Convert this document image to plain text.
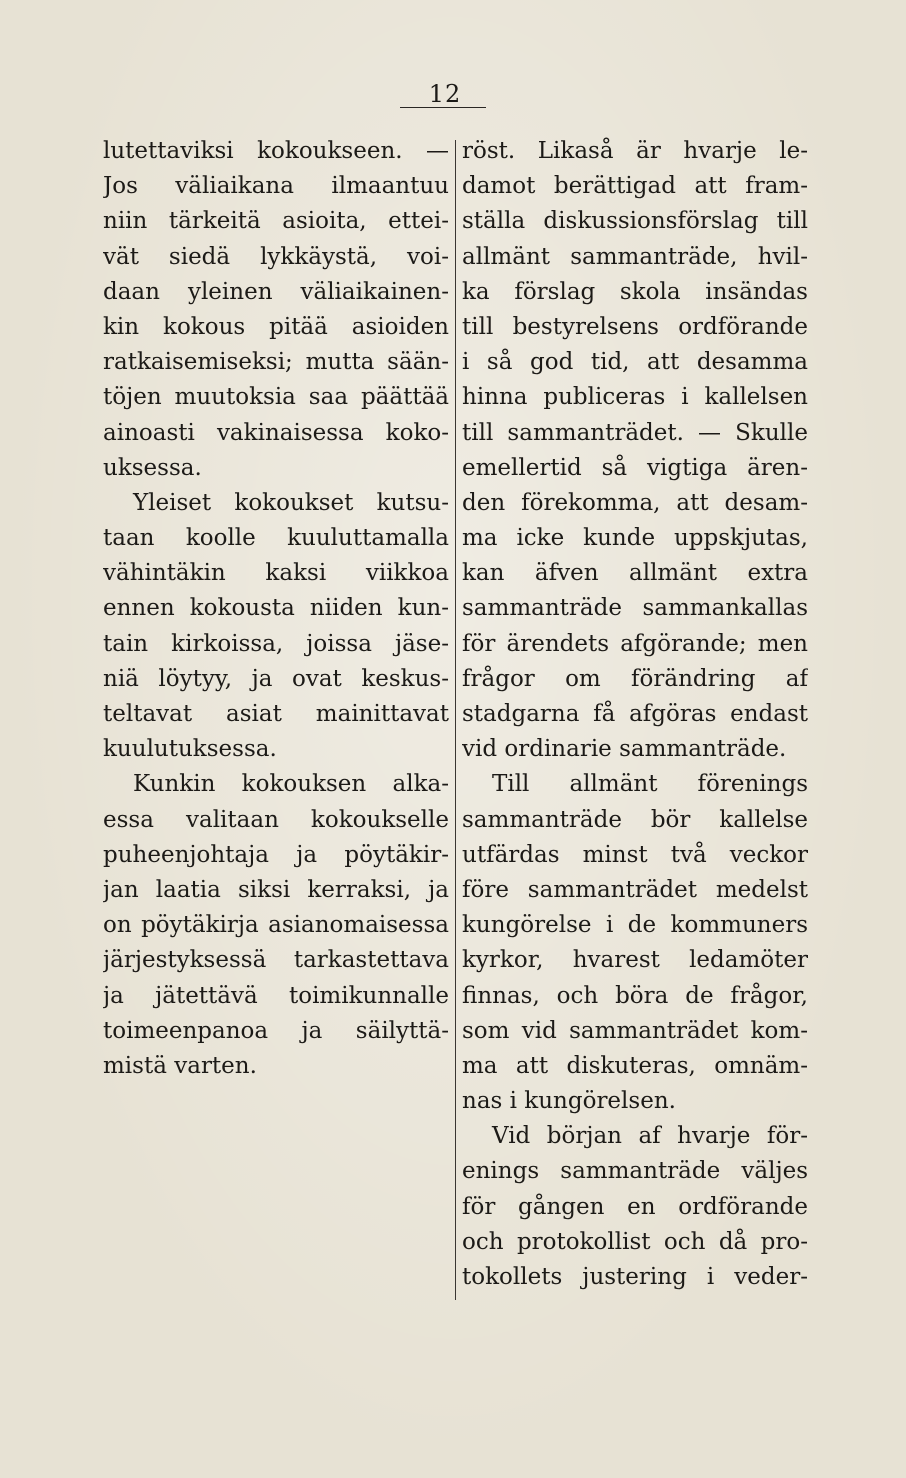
12
lutettaviksi kokoukseen. —
Jos väliaikana ilmaantuu
niin tärkeitä asioita, ettei-
vät siedä lykkäystä, voi-
daan yleinen väliaikainen-
kin kokous pitää asioiden
ratkaisemiseksi; mutta sään-
töjen muutoksia saa päättää
ainoasti vakinaisessa koko-
uksessa.
Yleiset kokoukset kutsu-
taan koolle kuuluttamalla
vähintäkin kaksi viikkoa
ennen kokousta niiden kun-
tain kirkoissa, joissa jäse-
niä löytyy, ja ovat keskus-
teltavat asiat mainittavat
kuulutuksessa.
Kunkin kokouksen alka-
essa valitaan kokoukselle
puheenjohtaja ja pöytäkir-
jan laatia siksi kerraksi, ja
on pöytäkirja asianomaisessa
järjestyksessä tarkastettava
ja jätettävä toimikunnalle
toimeenpanoa ja säilyttä-
mistä varten.
röst. Likaså är hvarje le-
damot berättigad att fram-
ställa diskussionsförslag till
allmänt sammanträde, hvil-
ka förslag skola insändas
till bestyrelsens ordförande
i så god tid, att desamma
hinna publiceras i kallelsen
till sammanträdet. — Skulle
emellertid så vigtiga ären-
den förekomma, att desam-
ma icke kunde uppskjutas,
kan äfven allmänt extra
sammanträde sammankallas
för ärendets afgörande; men
frågor om förändring af
stadgarna få afgöras endast
vid ordinarie sammanträde.
Till allmänt förenings
sammanträde bör kallelse
utfärdas minst två veckor
före sammanträdet medelst
kungörelse i de kommuners
kyrkor, hvarest ledamöter
finnas, och böra de frågor,
som vid sammanträdet kom-
ma att diskuteras, omnäm-
nas i kungörelsen.
Vid början af hvarje för-
enings sammanträde väljes
för gången en ordförande
och protokollist och då pro-
tokollets justering i veder-
